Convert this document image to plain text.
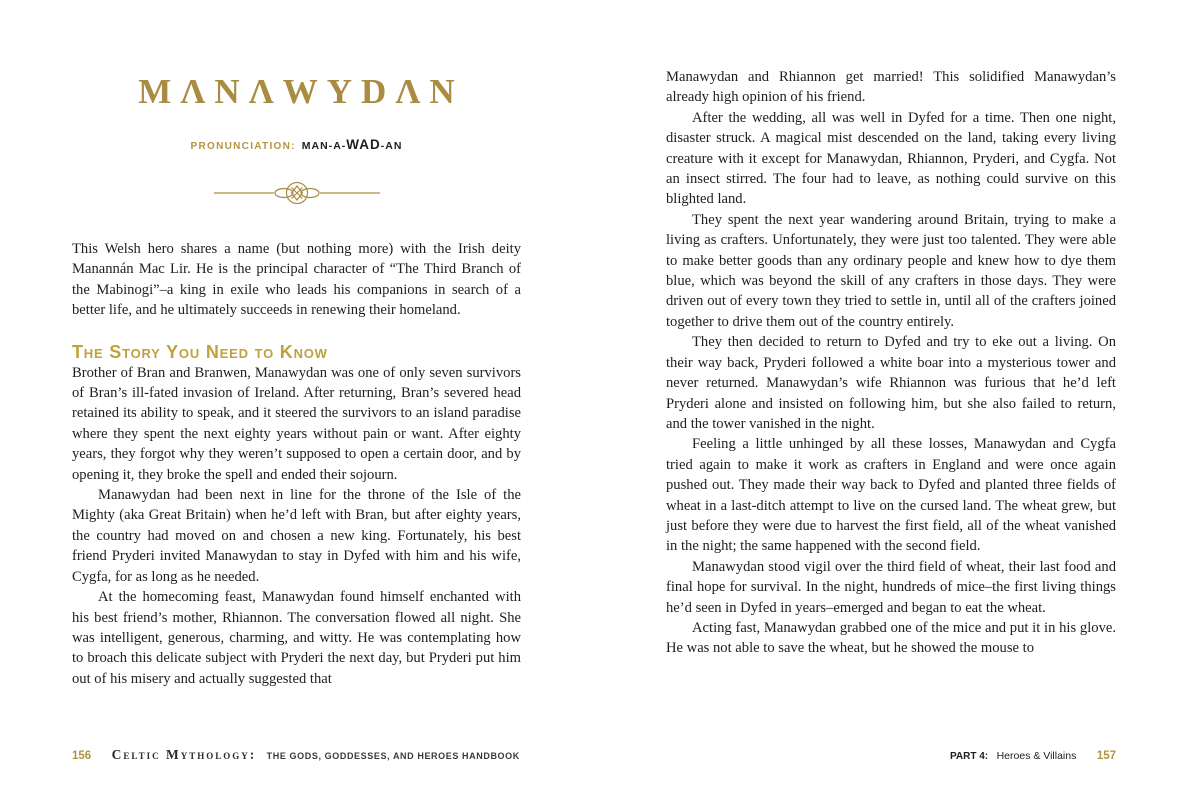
MΛNΛWYDΛN
PRONUNCIATION: MAN-A-WAD-AN

This Welsh hero shares a name (but nothing more) with the Irish deity Manannán Mac Lir. He is the principal character of “The Third Branch of the Mabinogi”–a king in exile who leads his companions in search of a better life, and he ultimately succeeds in renewing their homeland.

The Story You Need to Know

Brother of Bran and Branwen, Manawydan was one of only seven survivors of Bran’s ill-fated invasion of Ireland. After returning, Bran’s severed head retained its ability to speak, and it steered the survivors to an island paradise where they spent the next eighty years without pain or want. After eighty years, they forgot why they weren’t supposed to open a certain door, and by opening it, they broke the spell and ended their sojourn.

Manawydan had been next in line for the throne of the Isle of the Mighty (aka Great Britain) when he’d left with Bran, but after eighty years, the country had moved on and chosen a new king. Fortunately, his best friend Pryderi invited Manawydan to stay in Dyfed with him and his wife, Cygfa, for as long as he needed.

At the homecoming feast, Manawydan found himself enchanted with his best friend’s mother, Rhiannon. The conversation flowed all night. She was intelligent, generous, charming, and witty. He was contemplating how to broach this delicate subject with Pryderi the next day, but Pryderi put him out of his misery and actually suggested that

Manawydan and Rhiannon get married! This solidified Manawydan’s already high opinion of his friend.

After the wedding, all was well in Dyfed for a time. Then one night, disaster struck. A magical mist descended on the land, taking every living creature with it except for Manawydan, Rhiannon, Pryderi, and Cygfa. Not an insect stirred. The four had to leave, as nothing could survive on this blighted land.

They spent the next year wandering around Britain, trying to make a living as crafters. Unfortunately, they were just too talented. They were able to make better goods than any ordinary people and knew how to dye them blue, which was beyond the skill of any crafters in those days. They were driven out of every town they tried to settle in, until all of the crafters joined together to drive them out of the country entirely.

They then decided to return to Dyfed and try to eke out a living. On their way back, Pryderi followed a white boar into a mysterious tower and never returned. Manawydan’s wife Rhiannon was furious that he’d left Pryderi alone and insisted on following him, but she also failed to return, and the tower vanished in the night.

Feeling a little unhinged by all these losses, Manawydan and Cygfa tried again to make it work as crafters in England and were once again pushed out. They made their way back to Dyfed and planted three fields of wheat in a last-ditch attempt to live on the cursed land. The wheat grew, but just before they were due to harvest the first field, all of the wheat vanished in the night; the same happened with the second field.

Manawydan stood vigil over the third field of wheat, their last food and final hope for survival. In the night, hundreds of mice–the first living things he’d seen in Dyfed in years–emerged and began to eat the wheat.

Acting fast, Manawydan grabbed one of the mice and put it in his glove. He was not able to save the wheat, but he showed the mouse to

156 Celtic Mythology: THE GODS, GODDESSES, AND HEROES HANDBOOK	PART 4: Heroes & Villains 157
